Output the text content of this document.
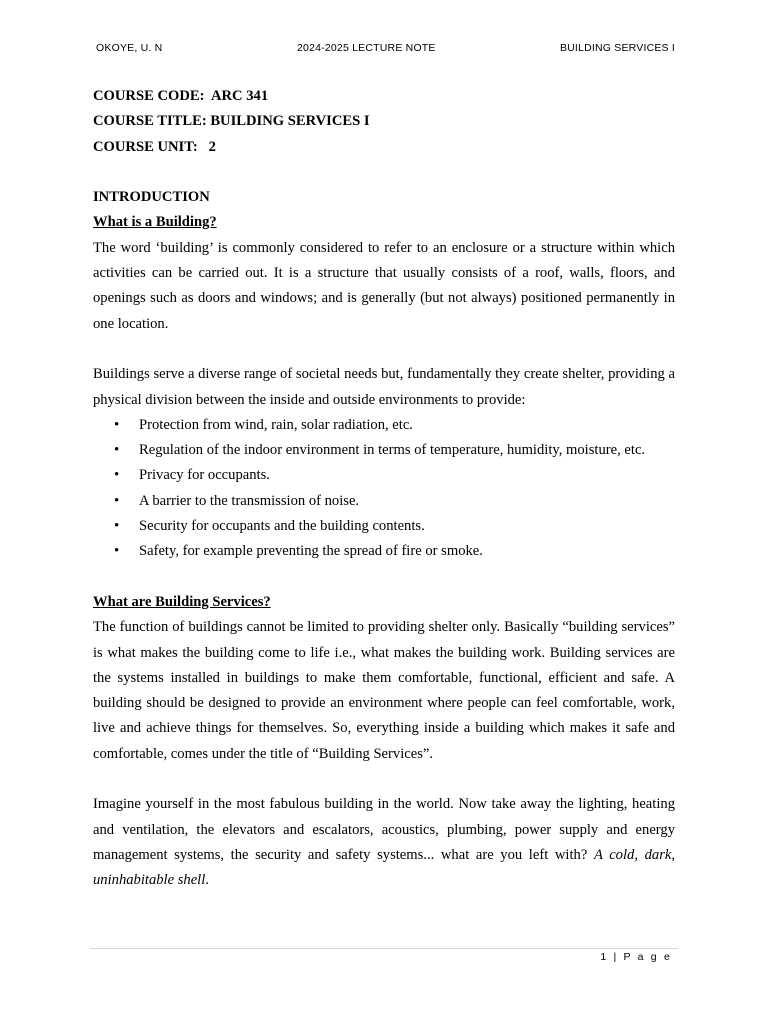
OKOYE, U. N	2024-2025 LECTURE NOTE	BUILDING SERVICES I

COURSE CODE:  ARC 341

COURSE TITLE: BUILDING SERVICES I

COURSE UNIT:   2

INTRODUCTION

What is a Building?

The word ‘building’ is commonly considered to refer to an enclosure or a structure within which activities can be carried out. It is a structure that usually consists of a roof, walls, floors, and openings such as doors and windows; and is generally (but not always) positioned permanently in one location.

Buildings serve a diverse range of societal needs but, fundamentally they create shelter, providing a physical division between the inside and outside environments to provide:

• Protection from wind, rain, solar radiation, etc.
• Regulation of the indoor environment in terms of temperature, humidity, moisture, etc.
• Privacy for occupants.
• A barrier to the transmission of noise.
• Security for occupants and the building contents.
• Safety, for example preventing the spread of fire or smoke.

What are Building Services?

The function of buildings cannot be limited to providing shelter only. Basically “building services” is what makes the building come to life i.e., what makes the building work. Building services are the systems installed in buildings to make them comfortable, functional, efficient and safe. A building should be designed to provide an environment where people can feel comfortable, work, live and achieve things for themselves. So, everything inside a building which makes it safe and comfortable, comes under the title of “Building Services”.

Imagine yourself in the most fabulous building in the world. Now take away the lighting, heating and ventilation, the elevators and escalators, acoustics, plumbing, power supply and energy management systems, the security and safety systems... what are you left with? A cold, dark, uninhabitable shell.

1 | P a g e
